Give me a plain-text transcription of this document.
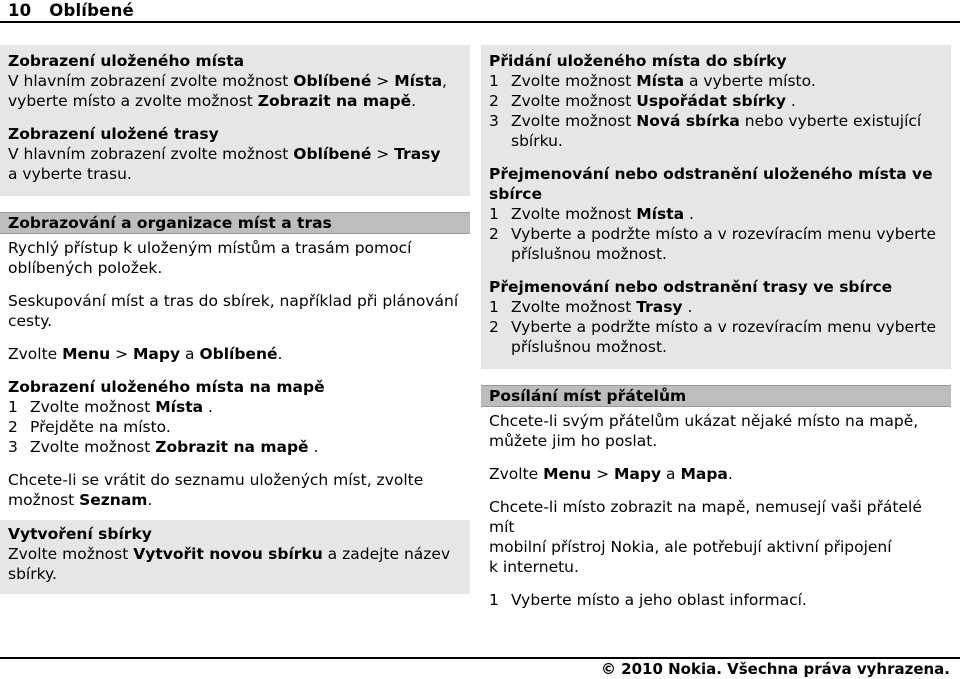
10 Oblíbené
Zobrazení uloženého místa
V hlavním zobrazení zvolte možnost Oblíbené > Místa,
vyberte místo a zvolte možnost Zobrazit na mapě.
Zobrazení uložené trasy
V hlavním zobrazení zvolte možnost Oblíbené > Trasy
a vyberte trasu.
Zobrazování a organizace míst a tras
Rychlý přístup k uloženým místům a trasám pomocí
oblíbených položek.
Seskupování míst a tras do sbírek, například při plánování
cesty.
Zvolte Menu > Mapy a Oblíbené.
Zobrazení uloženého místa na mapě
1 Zvolte možnost Místa .
2 Přejděte na místo.
3 Zvolte možnost Zobrazit na mapě .
Chcete-li se vrátit do seznamu uložených míst, zvolte
možnost Seznam.
Vytvoření sbírky
Zvolte možnost Vytvořit novou sbírku a zadejte název
sbírky.
Přidání uloženého místa do sbírky
1 Zvolte možnost Místa a vyberte místo.
2 Zvolte možnost Uspořádat sbírky .
3 Zvolte možnost Nová sbírka nebo vyberte existující
sbírku.
Přejmenování nebo odstranění uloženého místa ve
sbírce
1 Zvolte možnost Místa .
2 Vyberte a podržte místo a v rozevíracím menu vyberte
příslušnou možnost.
Přejmenování nebo odstranění trasy ve sbírce
1 Zvolte možnost Trasy .
2 Vyberte a podržte místo a v rozevíracím menu vyberte
příslušnou možnost.
Posílání míst přátelům
Chcete-li svým přátelům ukázat nějaké místo na mapě,
můžete jim ho poslat.
Zvolte Menu > Mapy a Mapa.
Chcete-li místo zobrazit na mapě, nemusejí vaši přátelé mít
mobilní přístroj Nokia, ale potřebují aktivní připojení
k internetu.
1 Vyberte místo a jeho oblast informací.
© 2010 Nokia. Všechna práva vyhrazena.
